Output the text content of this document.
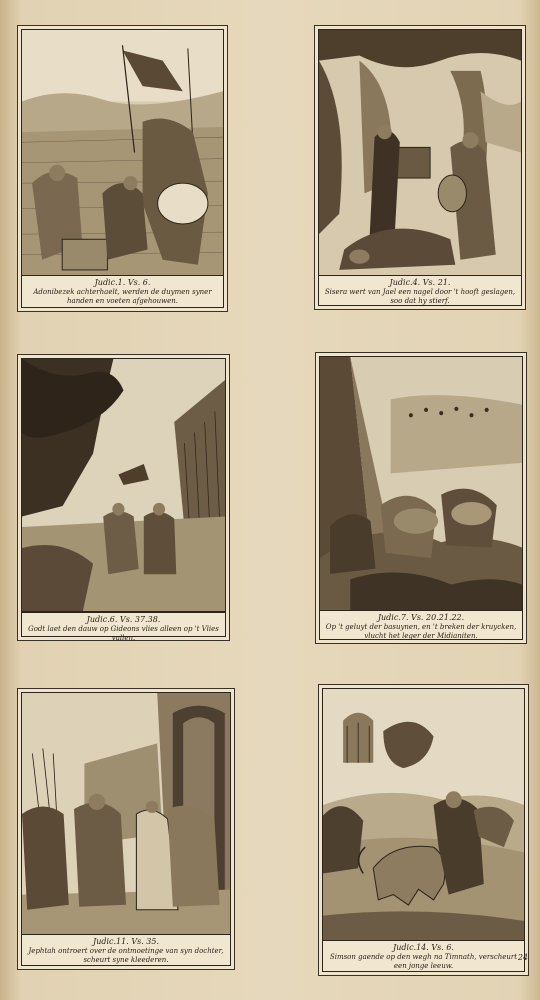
Judic.1. Vs. 6.
Adonibezek achterhaelt, werden de duymen syner handen en voeten afgehouwen.
Judic.4. Vs. 21.
Sisera wert van Jael een nagel door 't hooft geslagen, soo dat hy stierf.
Judic.6. Vs. 37.38.
Godt laet den dauw op Gideons vlies alleen op 't Vlies vallen.
Judic.7. Vs. 20.21.22.
Op 't geluyt der basuynen, en 't breken der kruycken, vlucht het leger der Midianiten.
Judic.11. Vs. 35.
Jephtah ontroert over de ontmoetinge van syn dochter, scheurt syne kleederen.
Judic.14. Vs. 6.
Simson gaende op den wegh na Timnath, verscheurt een jonge leeuw.
24
